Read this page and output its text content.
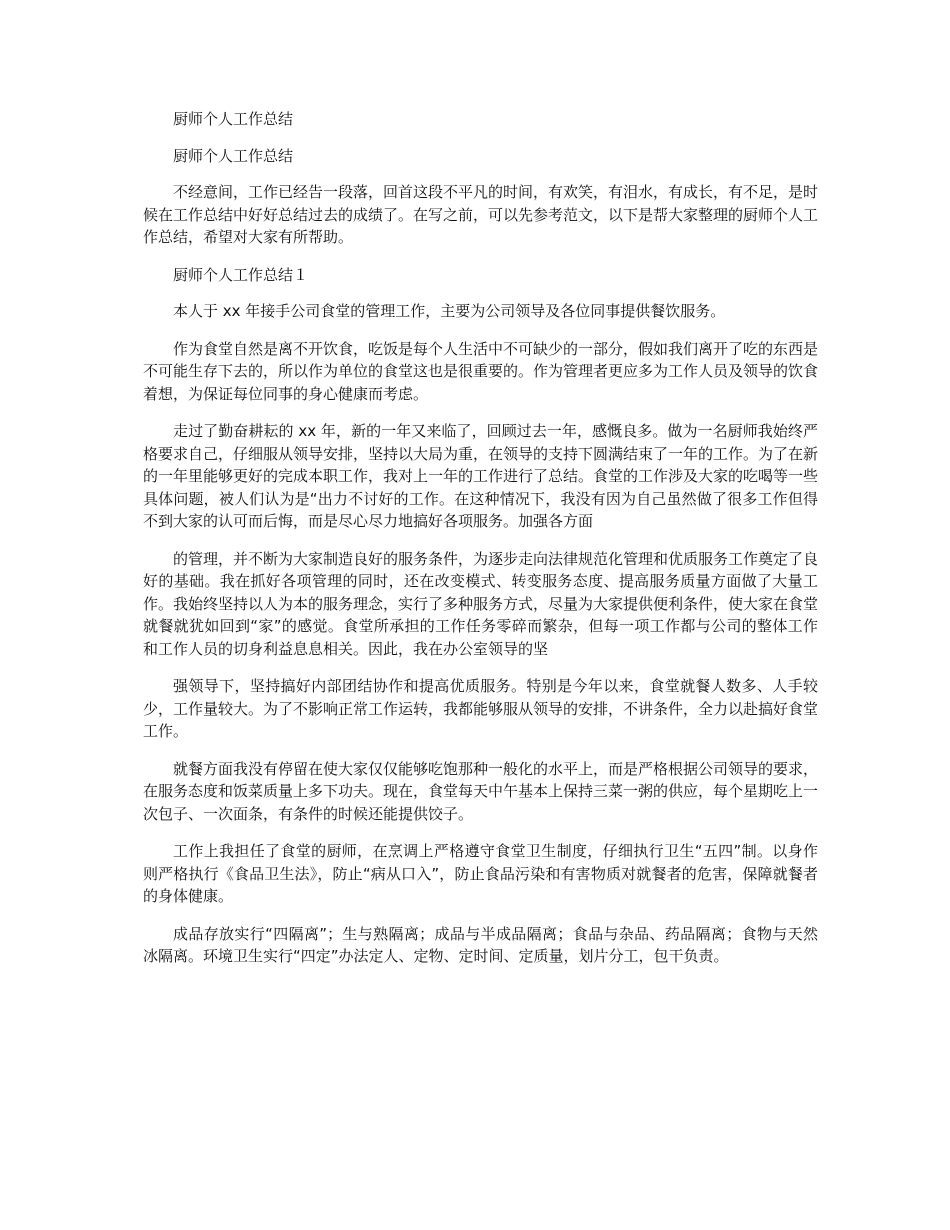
厨师个人工作总结

厨师个人工作总结

不经意间，工作已经告一段落，回首这段不平凡的时间，有欢笑，有泪水，有成长，有不足，是时候在工作总结中好好总结过去的成绩了。在写之前，可以先参考范文，以下是帮大家整理的厨师个人工作总结，希望对大家有所帮助。

厨师个人工作总结１

本人于 xx 年接手公司食堂的管理工作，主要为公司领导及各位同事提供餐饮服务。

作为食堂自然是离不开饮食，吃饭是每个人生活中不可缺少的一部分，假如我们离开了吃的东西是不可能生存下去的，所以作为单位的食堂这也是很重要的。作为管理者更应多为工作人员及领导的饮食着想，为保证每位同事的身心健康而考虑。

走过了勤奋耕耘的 xx 年，新的一年又来临了，回顾过去一年，感慨良多。做为一名厨师我始终严格要求自己，仔细服从领导安排，坚持以大局为重，在领导的支持下圆满结束了一年的工作。为了在新的一年里能够更好的完成本职工作，我对上一年的工作进行了总结。食堂的工作涉及大家的吃喝等一些具体问题，被人们认为是“出力不讨好的工作。在这种情况下，我没有因为自己虽然做了很多工作但得不到大家的认可而后悔，而是尽心尽力地搞好各项服务。加强各方面

的管理，并不断为大家制造良好的服务条件，为逐步走向法律规范化管理和优质服务工作奠定了良好的基础。我在抓好各项管理的同时，还在改变模式、转变服务态度、提高服务质量方面做了大量工作。我始终坚持以人为本的服务理念，实行了多种服务方式，尽量为大家提供便利条件，使大家在食堂就餐就犹如回到“家”的感觉。食堂所承担的工作任务零碎而繁杂，但每一项工作都与公司的整体工作和工作人员的切身利益息息相关。因此，我在办公室领导的坚

强领导下，坚持搞好内部团结协作和提高优质服务。特别是今年以来，食堂就餐人数多、人手较少，工作量较大。为了不影响正常工作运转，我都能够服从领导的安排，不讲条件，全力以赴搞好食堂工作。

就餐方面我没有停留在使大家仅仅能够吃饱那种一般化的水平上，而是严格根据公司领导的要求，在服务态度和饭菜质量上多下功夫。现在，食堂每天中午基本上保持三菜一粥的供应，每个星期吃上一次包子、一次面条，有条件的时候还能提供饺子。

工作上我担任了食堂的厨师，在烹调上严格遵守食堂卫生制度，仔细执行卫生“五四”制。以身作则严格执行《食品卫生法》，防止“病从口入”，防止食品污染和有害物质对就餐者的危害，保障就餐者的身体健康。

成品存放实行“四隔离”；生与熟隔离；成品与半成品隔离；食品与杂品、药品隔离；食物与天然冰隔离。环境卫生实行“四定”办法定人、定物、定时间、定质量，划片分工，包干负责。
